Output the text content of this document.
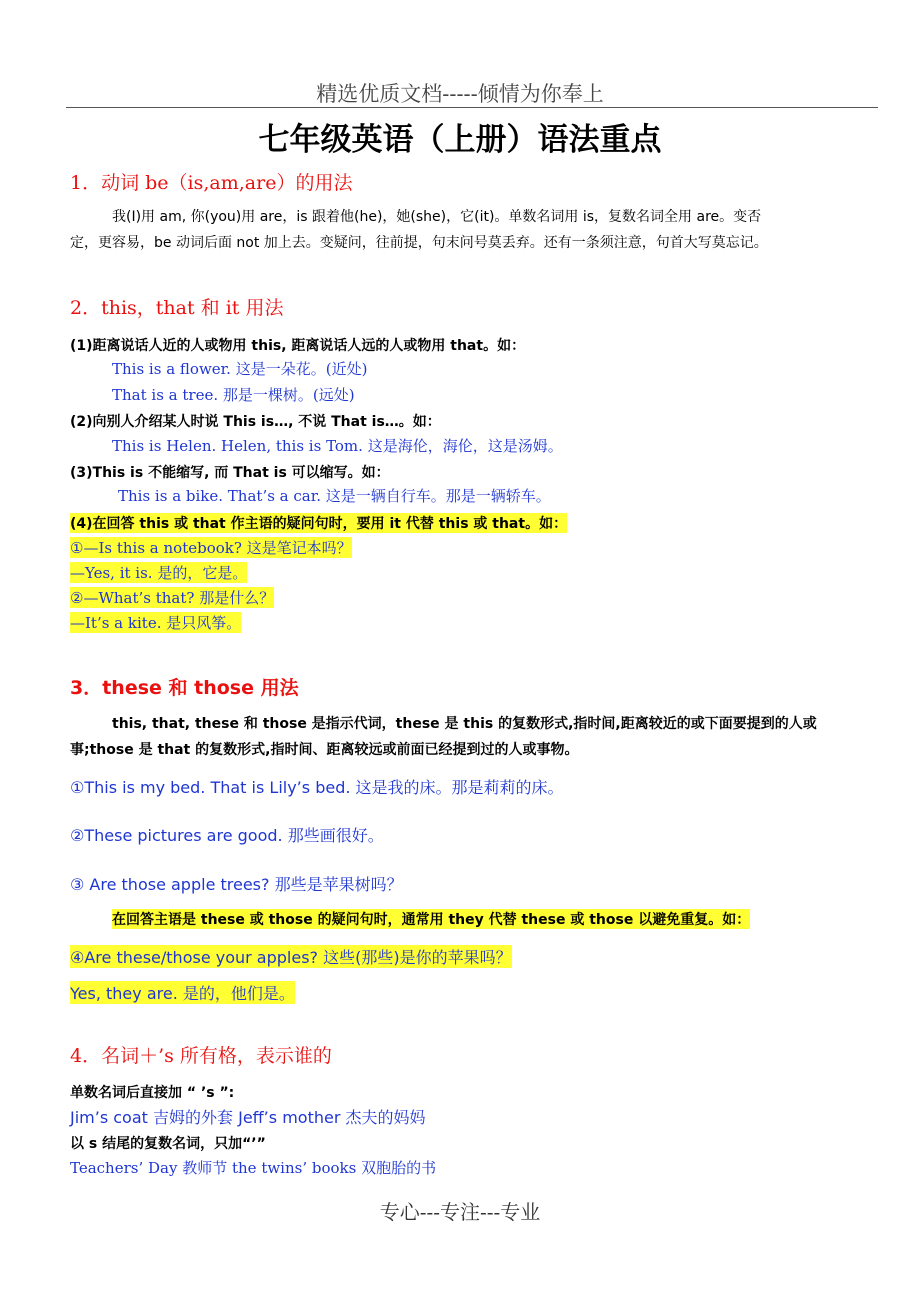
精选优质文档-----倾情为你奉上
七年级英语（上册）语法重点
1．动词 be（is,am,are）的用法
我(I)用 am, 你(you)用 are，is 跟着他(he)，她(she)，它(it)。单数名词用 is，复数名词全用 are。变否
定，更容易，be 动词后面 not 加上去。变疑问，往前提，句末问号莫丢弃。还有一条须注意，句首大写莫忘记。
2．this，that 和 it 用法
(1)距离说话人近的人或物用 this, 距离说话人远的人或物用 that。如：
This is a flower. 这是一朵花。(近处)
That is a tree. 那是一棵树。(远处)
(2)向别人介绍某人时说 This is…, 不说 That is…。如：
This is Helen. Helen, this is Tom. 这是海伦，海伦，这是汤姆。
(3)This is 不能缩写, 而 That is 可以缩写。如：
This is a bike. That’s a car. 这是一辆自行车。那是一辆轿车。
(4)在回答 this 或 that 作主语的疑问句时，要用 it 代替 this 或 that。如：
①—Is this a notebook? 这是笔记本吗？
—Yes, it is. 是的，它是。
②—What’s that? 那是什么？
—It’s a kite. 是只风筝。
3．these 和 those 用法
this, that, these 和 those 是指示代词，these 是 this 的复数形式,指时间,距离较近的或下面要提到的人或
事;those 是 that 的复数形式,指时间、距离较远或前面已经提到过的人或事物。
①This is my bed. That is Lily’s bed. 这是我的床。那是莉莉的床。
②These pictures are good. 那些画很好。
③ Are those apple trees? 那些是苹果树吗？
在回答主语是 these 或 those 的疑问句时，通常用 they 代替 these 或 those 以避免重复。如：
④Are these/those your apples? 这些(那些)是你的苹果吗？
Yes, they are. 是的，他们是。
4．名词＋’s 所有格，表示谁的
单数名词后直接加 “ ’s ”:
Jim’s coat 吉姆的外套 Jeff’s mother 杰夫的妈妈
以 s 结尾的复数名词，只加“’”
Teachers’ Day 教师节 the twins’ books 双胞胎的书
专心---专注---专业
